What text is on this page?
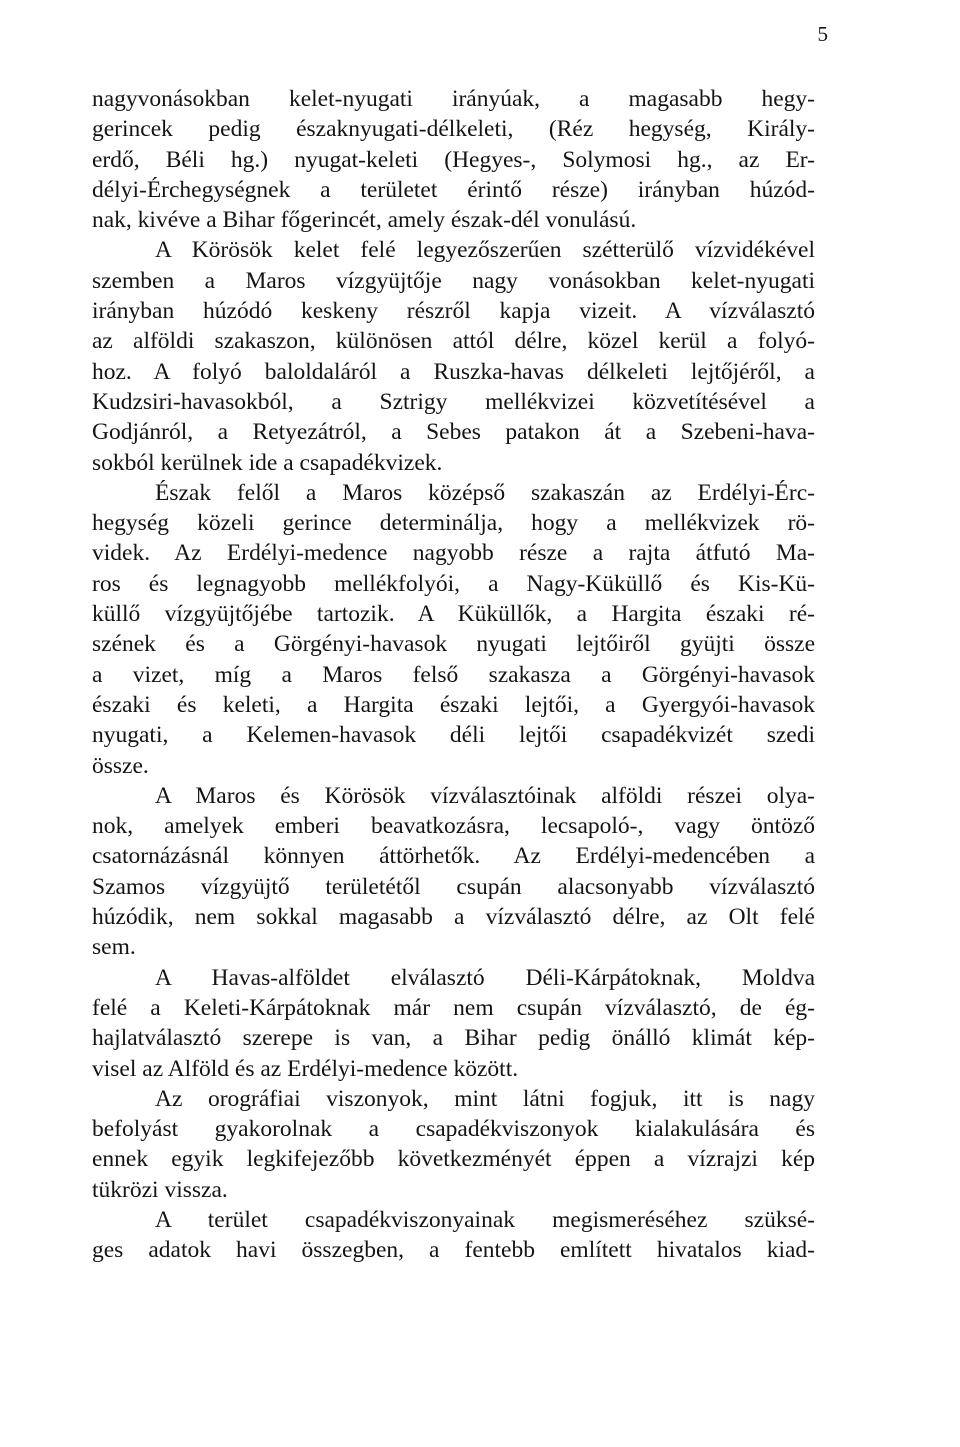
5
nagyvonásokban kelet-nyugati irányúak, a magasabb hegy-
gerincek pedig északnyugati-délkeleti, (Réz hegység, Király-
erdő, Béli hg.) nyugat-keleti (Hegyes-, Solymosi hg., az Er-
délyi-Érchegységnek a területet érintő része) irányban húzód-
nak, kivéve a Bihar főgerincét, amely észak-dél vonulású.
A Körösök kelet felé legyezőszerűen szétterülő vízvidékével
szemben a Maros vízgyüjtője nagy vonásokban kelet-nyugati
irányban húzódó keskeny részről kapja vizeit. A vízválasztó
az alföldi szakaszon, különösen attól délre, közel kerül a folyó-
hoz. A folyó baloldaláról a Ruszka-havas délkeleti lejtőjéről, a
Kudzsiri-havasokból, a Sztrigy mellékvizei közvetítésével a
Godjánról, a Retyezátról, a Sebes patakon át a Szebeni-hava-
sokból kerülnek ide a csapadékvizek.
Észak felől a Maros középső szakaszán az Erdélyi-Érc-
hegység közeli gerince determinálja, hogy a mellékvizek rö-
videk. Az Erdélyi-medence nagyobb része a rajta átfutó Ma-
ros és legnagyobb mellékfolyói, a Nagy-Küküllő és Kis-Kü-
küllő vízgyüjtőjébe tartozik. A Küküllők, a Hargita északi ré-
szének és a Görgényi-havasok nyugati lejtőiről gyüjti össze
a vizet, míg a Maros felső szakasza a Görgényi-havasok
északi és keleti, a Hargita északi lejtői, a Gyergyói-havasok
nyugati, a Kelemen-havasok déli lejtői csapadékvizét szedi
össze.
A Maros és Körösök vízválasztóinak alföldi részei olya-
nok, amelyek emberi beavatkozásra, lecsapoló-, vagy öntöző
csatornázásnál könnyen áttörhetők. Az Erdélyi-medencében a
Szamos vízgyüjtő területétől csupán alacsonyabb vízválasztó
húzódik, nem sokkal magasabb a vízválasztó délre, az Olt felé
sem.
A Havas-alföldet elválasztó Déli-Kárpátoknak, Moldva
felé a Keleti-Kárpátoknak már nem csupán vízválasztó, de ég-
hajlatválasztó szerepe is van, a Bihar pedig önálló klimát kép-
visel az Alföld és az Erdélyi-medence között.
Az orográfiai viszonyok, mint látni fogjuk, itt is nagy
befolyást gyakorolnak a csapadékviszonyok kialakulására és
ennek egyik legkifejezőbb következményét éppen a vízrajzi kép
tükrözi vissza.
A terület csapadékviszonyainak megismeréséhez szüksé-
ges adatok havi összegben, a fentebb említett hivatalos kiad-
